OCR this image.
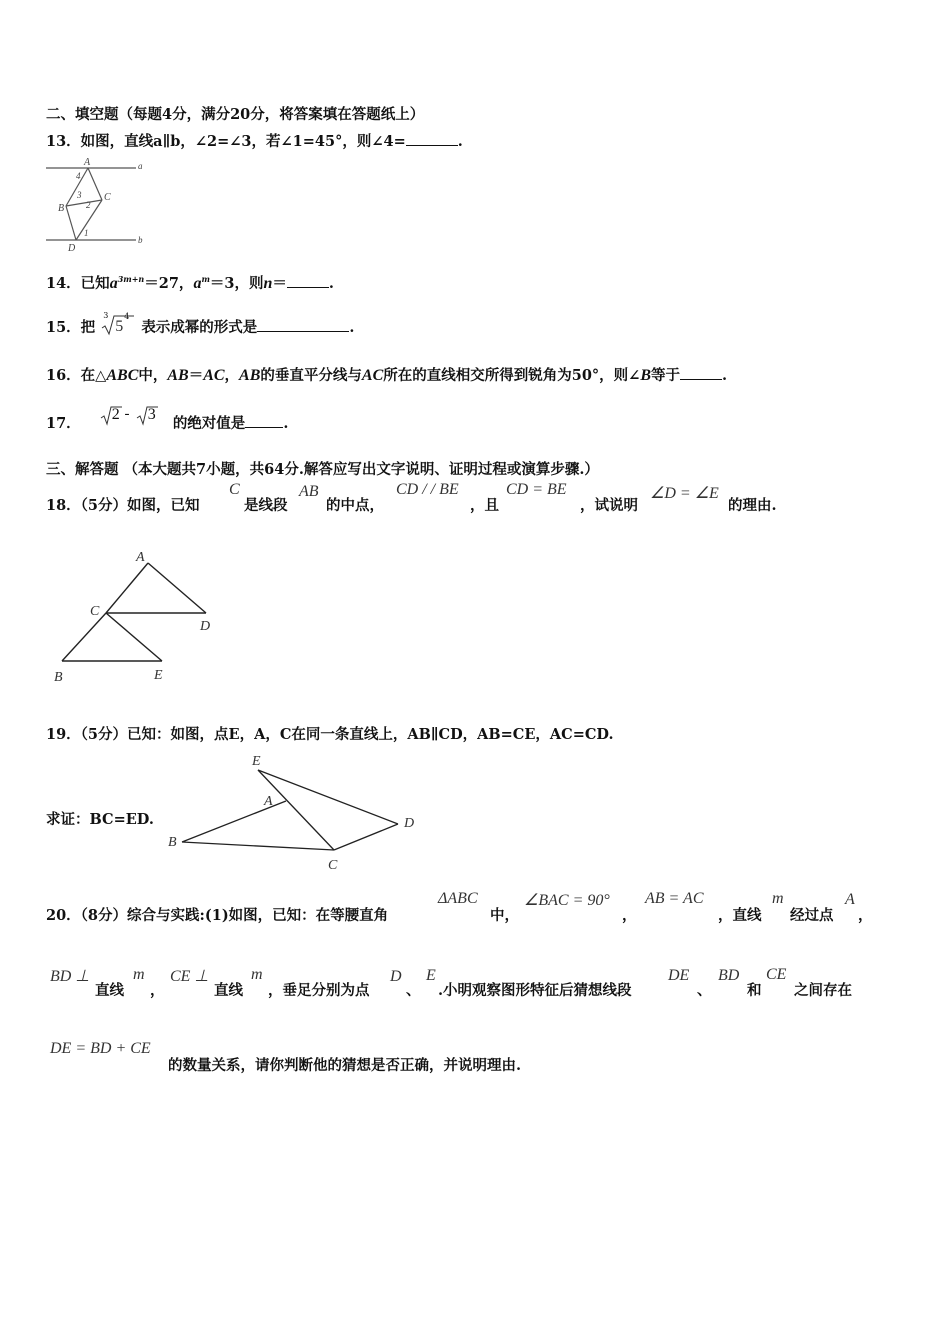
二、填空题（每题4分，满分20分，将答案填在答题纸上）
13．如图，直线a∥b，∠2=∠3，若∠1=45°，则∠4=	.
A	a
4
3
B 2
C
1
D
b
14．已知$a^{3m+n}=27$，$a^m=3$，则n＝	.
15．把
3
5
4
表示成幂的形式是	.
16．在△ABC中，AB＝AC，AB的垂直平分线与AC所在的直线相交所得到锐角为50°，则∠B等于	.
17．
2 - 3
的绝对值是	.
三、解答题 （本大题共7小题，共64分.解答应写出文字说明、证明过程或演算步骤.）
18．（5分）如图，已知
C
是线段
AB
的中点，
CD / / BE
，且
CD = BE
，试说明
∠D = ∠E
的理由.
A
C
D
B	E
19．（5分）已知：如图，点E，A，C在同一条直线上，AB∥CD，AB=CE，AC=CD.
E
A
D
B
C
求证：BC=ED.
20．（8分）综合与实践:(1)如图，已知：在等腰直角
ΔABC
中，
∠BAC = 90°
，
AB = AC
，直线
m
经过点
A
，
BD ⊥
直线
m
，
CE ⊥
直线
m
，垂足分别为点
D
、
E
.小明观察图形特征后猜想线段
DE
、
BD
和
CE
之间存在
DE = BD + CE
的数量关系，请你判断他的猜想是否正确，并说明理由.
